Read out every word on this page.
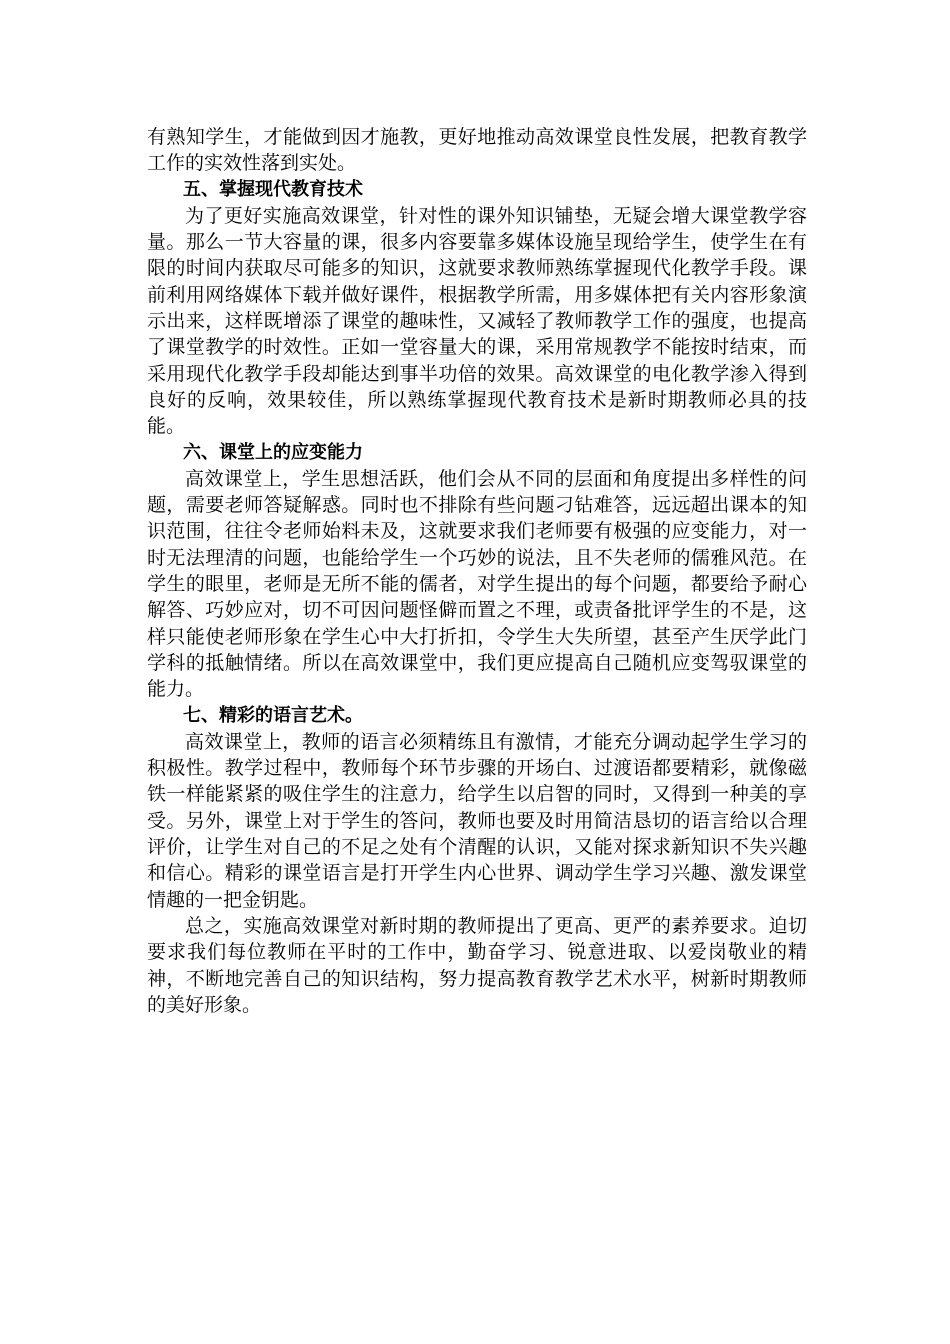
有熟知学生，才能做到因才施教，更好地推动高效课堂良性发展，把教育教学工作的实效性落到实处。

五、掌握现代教育技术

为了更好实施高效课堂，针对性的课外知识铺垫，无疑会增大课堂教学容量。那么一节大容量的课，很多内容要靠多媒体设施呈现给学生，使学生在有限的时间内获取尽可能多的知识，这就要求教师熟练掌握现代化教学手段。课前利用网络媒体下载并做好课件，根据教学所需，用多媒体把有关内容形象演示出来，这样既增添了课堂的趣味性，又减轻了教师教学工作的强度，也提高了课堂教学的时效性。正如一堂容量大的课，采用常规教学不能按时结束，而采用现代化教学手段却能达到事半功倍的效果。高效课堂的电化教学渗入得到良好的反响，效果较佳，所以熟练掌握现代教育技术是新时期教师必具的技能。

六、课堂上的应变能力

高效课堂上，学生思想活跃，他们会从不同的层面和角度提出多样性的问题，需要老师答疑解惑。同时也不排除有些问题刁钻难答，远远超出课本的知识范围，往往令老师始料未及，这就要求我们老师要有极强的应变能力，对一时无法理清的问题，也能给学生一个巧妙的说法，且不失老师的儒雅风范。在学生的眼里，老师是无所不能的儒者，对学生提出的每个问题，都要给予耐心解答、巧妙应对，切不可因问题怪僻而置之不理，或责备批评学生的不是，这样只能使老师形象在学生心中大打折扣，令学生大失所望，甚至产生厌学此门学科的抵触情绪。所以在高效课堂中，我们更应提高自己随机应变驾驭课堂的能力。

七、精彩的语言艺术。

高效课堂上，教师的语言必须精练且有激情，才能充分调动起学生学习的积极性。教学过程中，教师每个环节步骤的开场白、过渡语都要精彩，就像磁铁一样能紧紧的吸住学生的注意力，给学生以启智的同时，又得到一种美的享受。另外，课堂上对于学生的答问，教师也要及时用简洁恳切的语言给以合理评价，让学生对自己的不足之处有个清醒的认识，又能对探求新知识不失兴趣和信心。精彩的课堂语言是打开学生内心世界、调动学生学习兴趣、激发课堂情趣的一把金钥匙。

总之，实施高效课堂对新时期的教师提出了更高、更严的素养要求。迫切要求我们每位教师在平时的工作中，勤奋学习、锐意进取、以爱岗敬业的精神，不断地完善自己的知识结构，努力提高教育教学艺术水平，树新时期教师的美好形象。
